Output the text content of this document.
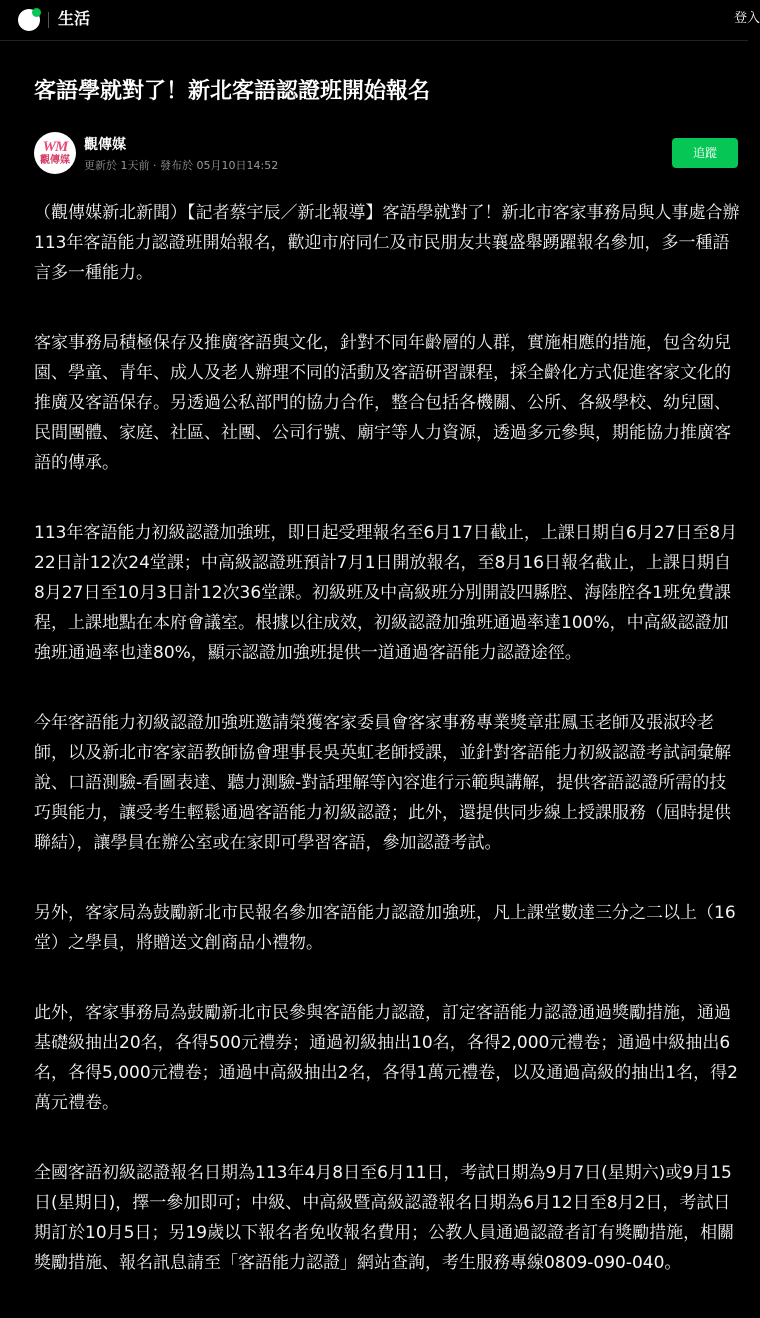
生活	登入
客語學就對了！新北客語認證班開始報名
WM
觀傳媒
觀傳媒
更新於 1天前 · 發布於 05月10日14:52
追蹤

（觀傳媒新北新聞）【記者蔡宇辰／新北報導】客語學就對了！新北市客家事務局與人事處合辦113年客語能力認證班開始報名，歡迎市府同仁及市民朋友共襄盛舉踴躍報名參加，多一種語言多一種能力。

客家事務局積極保存及推廣客語與文化，針對不同年齡層的人群，實施相應的措施，包含幼兒園、學童、青年、成人及老人辦理不同的活動及客語研習課程，採全齡化方式促進客家文化的推廣及客語保存。另透過公私部門的協力合作，整合包括各機關、公所、各級學校、幼兒園、民間團體、家庭、社區、社團、公司行號、廟宇等人力資源，透過多元參與，期能協力推廣客語的傳承。

113年客語能力初級認證加強班，即日起受理報名至6月17日截止，上課日期自6月27日至8月22日計12次24堂課；中高級認證班預計7月1日開放報名，至8月16日報名截止，上課日期自8月27日至10月3日計12次36堂課。初級班及中高級班分別開設四縣腔、海陸腔各1班免費課程，上課地點在本府會議室。根據以往成效，初級認證加強班通過率達100%，中高級認證加強班通過率也達80%，顯示認證加強班提供一道通過客語能力認證途徑。

今年客語能力初級認證加強班邀請榮獲客家委員會客家事務專業獎章莊鳳玉老師及張淑玲老師，以及新北市客家語教師協會理事長吳英虹老師授課，並針對客語能力初級認證考試詞彙解說、口語測驗-看圖表達、聽力測驗-對話理解等內容進行示範與講解，提供客語認證所需的技巧與能力，讓受考生輕鬆通過客語能力初級認證；此外，還提供同步線上授課服務（屆時提供聯結），讓學員在辦公室或在家即可學習客語，參加認證考試。

另外，客家局為鼓勵新北市民報名參加客語能力認證加強班，凡上課堂數達三分之二以上（16堂）之學員，將贈送文創商品小禮物。

此外，客家事務局為鼓勵新北市民參與客語能力認證，訂定客語能力認證通過獎勵措施，通過基礎級抽出20名，各得500元禮券；通過初級抽出10名，各得2,000元禮卷；通過中級抽出6名，各得5,000元禮卷；通過中高級抽出2名，各得1萬元禮卷，以及通過高級的抽出1名，得2萬元禮卷。

全國客語初級認證報名日期為113年4月8日至6月11日，考試日期為9月7日(星期六)或9月15日(星期日)，擇一參加即可；中級、中高級暨高級認證報名日期為6月12日至8月2日，考試日期訂於10月5日；另19歲以下報名者免收報名費用；公教人員通過認證者訂有獎勵措施，相關獎勵措施、報名訊息請至「客語能力認證」網站查詢，考生服務專線0809-090-040。
